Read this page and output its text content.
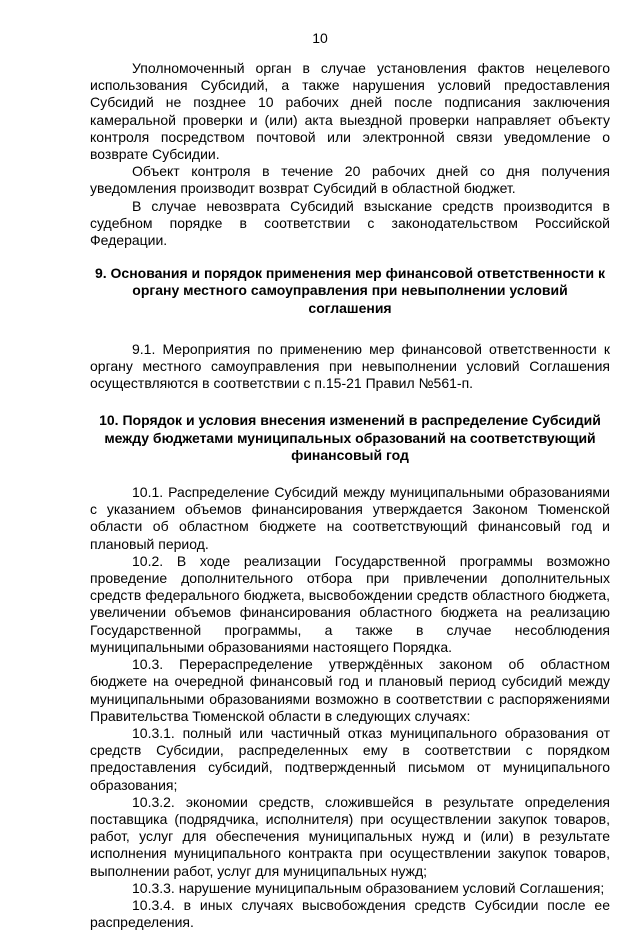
10

Уполномоченный орган в случае установления фактов нецелевого использования Субсидий, а также нарушения условий предоставления Субсидий не позднее 10 рабочих дней после подписания заключения камеральной проверки и (или) акта выездной проверки направляет объекту контроля посредством почтовой или электронной связи уведомление о возврате Субсидии.

Объект контроля в течение 20 рабочих дней со дня получения уведомления производит возврат Субсидий в областной бюджет.

В случае невозврата Субсидий взыскание средств производится в судебном порядке в соответствии с законодательством Российской Федерации.

9. Основания и порядок применения мер финансовой ответственности к органу местного самоуправления при невыполнении условий соглашения

9.1. Мероприятия по применению мер финансовой ответственности к органу местного самоуправления при невыполнении условий Соглашения осуществляются в соответствии с п.15-21 Правил №561-п.

10. Порядок и условия внесения изменений в распределение Субсидий между бюджетами муниципальных образований на соответствующий финансовый год

10.1. Распределение Субсидий между муниципальными образованиями с указанием объемов финансирования утверждается Законом Тюменской области об областном бюджете на соответствующий финансовый год и плановый период.

10.2. В ходе реализации Государственной программы возможно проведение дополнительного отбора при привлечении дополнительных средств федерального бюджета, высвобождении средств областного бюджета, увеличении объемов финансирования областного бюджета на реализацию Государственной программы, а также в случае несоблюдения муниципальными образованиями настоящего Порядка.

10.3. Перераспределение утверждённых законом об областном бюджете на очередной финансовый год и плановый период субсидий между муниципальными образованиями возможно в соответствии с распоряжениями Правительства Тюменской области в следующих случаях:

10.3.1. полный или частичный отказ муниципального образования от средств Субсидии, распределенных ему в соответствии с порядком предоставления субсидий, подтвержденный письмом от муниципального образования;

10.3.2. экономии средств, сложившейся в результате определения поставщика (подрядчика, исполнителя) при осуществлении закупок товаров, работ, услуг для обеспечения муниципальных нужд и (или) в результате исполнения муниципального контракта при осуществлении закупок товаров, выполнении работ, услуг для муниципальных нужд;

10.3.3. нарушение муниципальным образованием условий Соглашения;

10.3.4. в иных случаях высвобождения средств Субсидии после ее распределения.
